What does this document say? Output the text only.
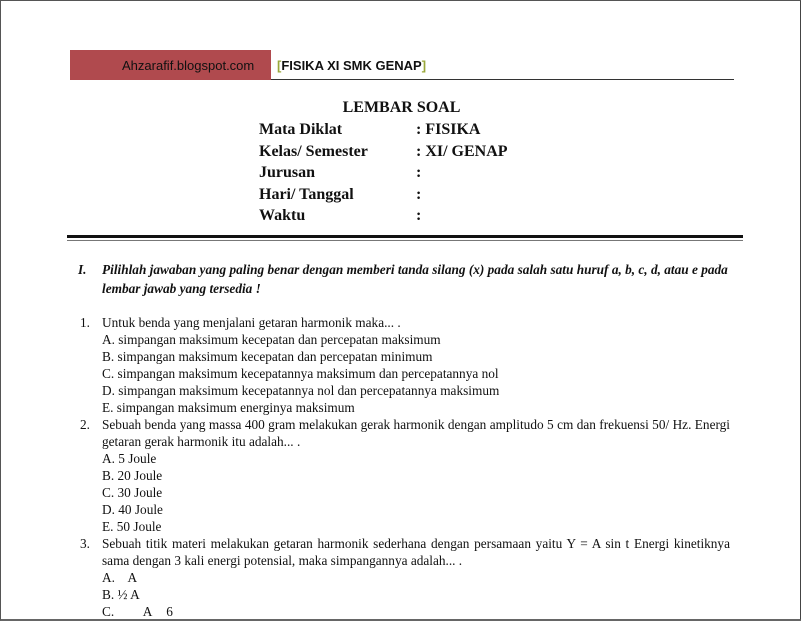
Ahzarafif.blogspot.com [FISIKA XI SMK GENAP]
LEMBAR SOAL
Mata Diklat	: FISIKA
Kelas/ Semester	: XI/ GENAP
Jurusan	:
Hari/ Tanggal	:
Waktu	:
I. Pilihlah jawaban yang paling benar dengan memberi tanda silang (x) pada salah satu huruf a, b, c, d, atau e pada lembar jawab yang tersedia !
1. Untuk benda yang menjalani getaran harmonik maka... .
A. simpangan maksimum kecepatan dan percepatan maksimum
B. simpangan maksimum kecepatan dan percepatan minimum
C. simpangan maksimum kecepatannya maksimum dan percepatannya nol
D. simpangan maksimum kecepatannya nol dan percepatannya maksimum
E. simpangan maksimum energinya maksimum
2. Sebuah benda yang massa 400 gram melakukan gerak harmonik dengan amplitudo 5 cm dan frekuensi 50/ Hz. Energi getaran gerak harmonik itu adalah... .
A. 5 Joule
B. 20 Joule
C. 30 Joule
D. 40 Joule
E. 50 Joule
3. Sebuah titik materi melakukan getaran harmonik sederhana dengan persamaan yaitu Y = A sin t Energi kinetiknya sama dengan 3 kali energi potensial, maka simpangannya adalah... .
A.    A
B. ½ A
C.    A  6
